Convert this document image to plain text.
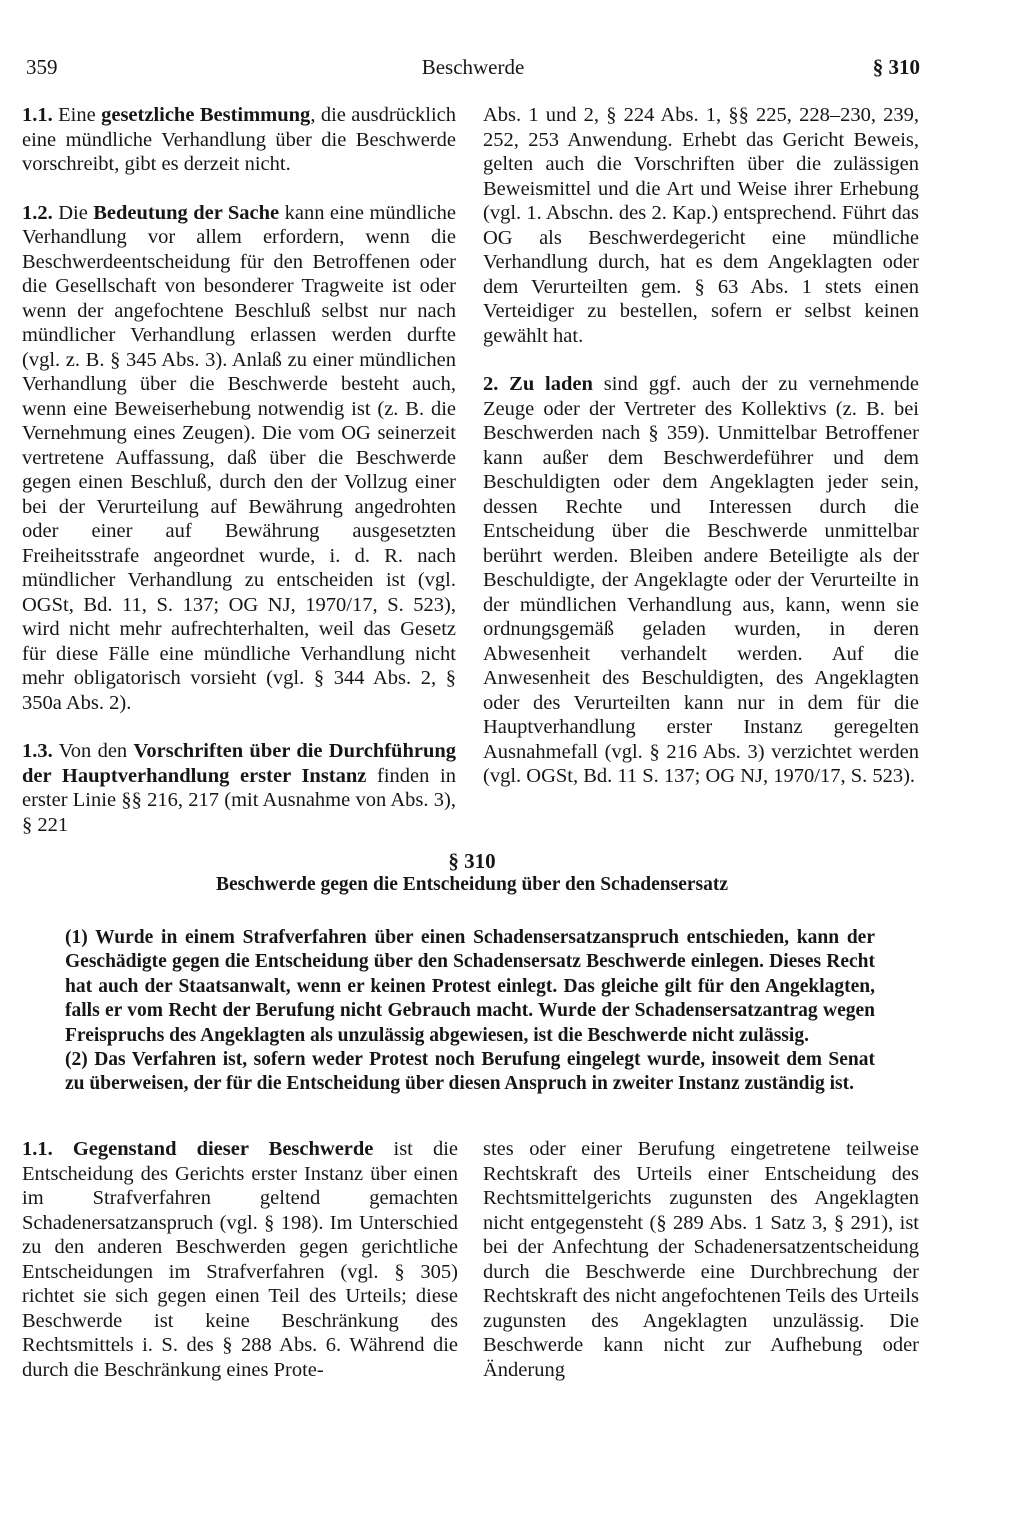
359	Beschwerde	§ 310

1.1. Eine gesetzliche Bestimmung, die ausdrücklich eine mündliche Verhandlung über die Beschwerde vorschreibt, gibt es derzeit nicht.

1.2. Die Bedeutung der Sache kann eine mündliche Verhandlung vor allem erfordern, wenn die Beschwerdeentscheidung für den Betroffenen oder die Gesellschaft von besonderer Tragweite ist oder wenn der angefochtene Beschluß selbst nur nach mündlicher Verhandlung erlassen werden durfte (vgl. z. B. § 345 Abs. 3). Anlaß zu einer mündlichen Verhandlung über die Beschwerde besteht auch, wenn eine Beweiserhebung notwendig ist (z. B. die Vernehmung eines Zeugen). Die vom OG seinerzeit vertretene Auffassung, daß über die Beschwerde gegen einen Beschluß, durch den der Vollzug einer bei der Verurteilung auf Bewährung angedrohten oder einer auf Bewährung ausgesetzten Freiheitsstrafe angeordnet wurde, i. d. R. nach mündlicher Verhandlung zu entscheiden ist (vgl. OGSt, Bd. 11, S. 137; OG NJ, 1970/17, S. 523), wird nicht mehr aufrechterhalten, weil das Gesetz für diese Fälle eine mündliche Verhandlung nicht mehr obligatorisch vorsieht (vgl. § 344 Abs. 2, § 350a Abs. 2).

1.3. Von den Vorschriften über die Durchführung der Hauptverhandlung erster Instanz finden in erster Linie §§ 216, 217 (mit Ausnahme von Abs. 3), § 221

Abs. 1 und 2, § 224 Abs. 1, §§ 225, 228–230, 239, 252, 253 Anwendung. Erhebt das Gericht Beweis, gelten auch die Vorschriften über die zulässigen Beweismittel und die Art und Weise ihrer Erhebung (vgl. 1. Abschn. des 2. Kap.) entsprechend. Führt das OG als Beschwerdegericht eine mündliche Verhandlung durch, hat es dem Angeklagten oder dem Verurteilten gem. § 63 Abs. 1 stets einen Verteidiger zu bestellen, sofern er selbst keinen gewählt hat.

2. Zu laden sind ggf. auch der zu vernehmende Zeuge oder der Vertreter des Kollektivs (z. B. bei Beschwerden nach § 359). Unmittelbar Betroffener kann außer dem Beschwerdeführer und dem Beschuldigten oder dem Angeklagten jeder sein, dessen Rechte und Interessen durch die Entscheidung über die Beschwerde unmittelbar berührt werden. Bleiben andere Beteiligte als der Beschuldigte, der Angeklagte oder der Verurteilte in der mündlichen Verhandlung aus, kann, wenn sie ordnungsgemäß geladen wurden, in deren Abwesenheit verhandelt werden. Auf die Anwesenheit des Beschuldigten, des Angeklagten oder des Verurteilten kann nur in dem für die Hauptverhandlung erster Instanz geregelten Ausnahmefall (vgl. § 216 Abs. 3) verzichtet werden (vgl. OGSt, Bd. 11 S. 137; OG NJ, 1970/17, S. 523).

§ 310
Beschwerde gegen die Entscheidung über den Schadensersatz

(1) Wurde in einem Strafverfahren über einen Schadensersatzanspruch entschieden, kann der Geschädigte gegen die Entscheidung über den Schadensersatz Beschwerde einlegen. Dieses Recht hat auch der Staatsanwalt, wenn er keinen Protest einlegt. Das gleiche gilt für den Angeklagten, falls er vom Recht der Berufung nicht Gebrauch macht. Wurde der Schadensersatzantrag wegen Freispruchs des Angeklagten als unzulässig abgewiesen, ist die Beschwerde nicht zulässig.

(2) Das Verfahren ist, sofern weder Protest noch Berufung eingelegt wurde, insoweit dem Senat zu überweisen, der für die Entscheidung über diesen Anspruch in zweiter Instanz zuständig ist.

1.1. Gegenstand dieser Beschwerde ist die Entscheidung des Gerichts erster Instanz über einen im Strafverfahren geltend gemachten Schadenersatzanspruch (vgl. § 198). Im Unterschied zu den anderen Beschwerden gegen gerichtliche Entscheidungen im Strafverfahren (vgl. § 305) richtet sie sich gegen einen Teil des Urteils; diese Beschwerde ist keine Beschränkung des Rechtsmittels i. S. des § 288 Abs. 6. Während die durch die Beschränkung eines Prote-

stes oder einer Berufung eingetretene teilweise Rechtskraft des Urteils einer Entscheidung des Rechtsmittelgerichts zugunsten des Angeklagten nicht entgegensteht (§ 289 Abs. 1 Satz 3, § 291), ist bei der Anfechtung der Schadenersatzentscheidung durch die Beschwerde eine Durchbrechung der Rechtskraft des nicht angefochtenen Teils des Urteils zugunsten des Angeklagten unzulässig. Die Beschwerde kann nicht zur Aufhebung oder Änderung
